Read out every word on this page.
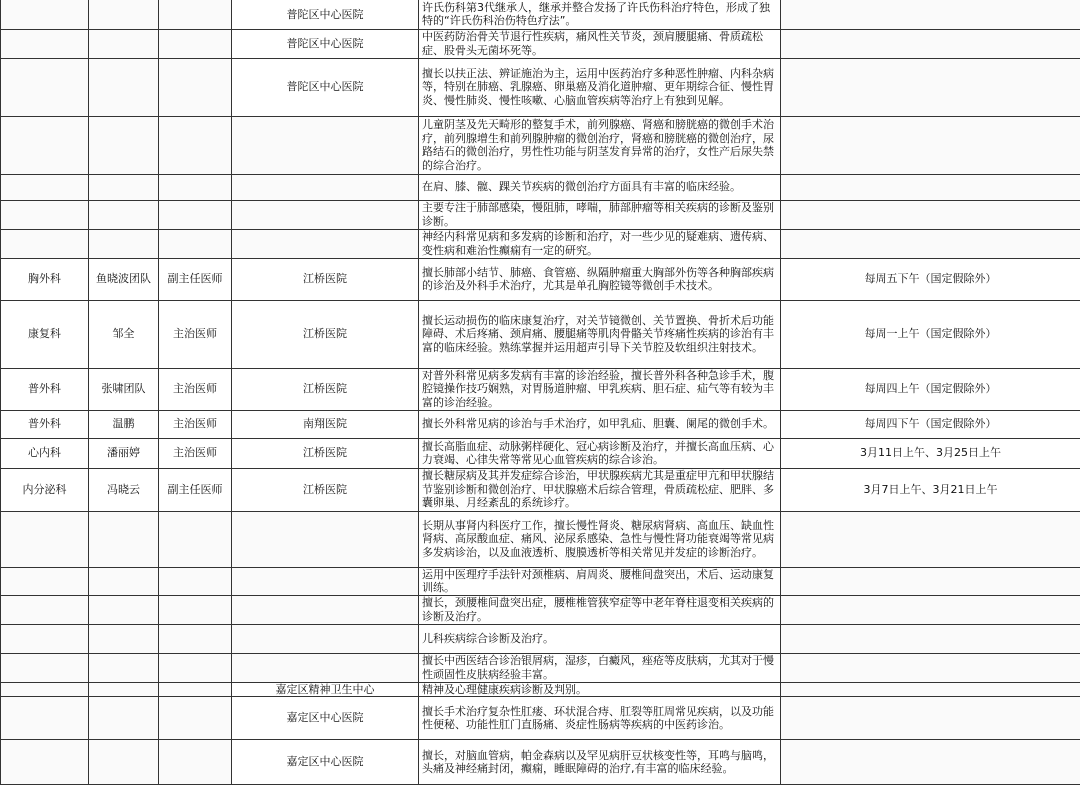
			普陀区中心医院	许氏伤科第3代继承人，继承并整合发扬了许氏伤科治疗特色，形成了独特的“许氏伤科治伤特色疗法”。	
			普陀区中心医院	中医药防治骨关节退行性疾病，痛风性关节炎，颈肩腰腿痛、骨质疏松症、股骨头无菌坏死等。	
			普陀区中心医院	擅长以扶正法、辨证施治为主，运用中医药治疗多种恶性肿瘤、内科杂病等，特别在肺癌、乳腺癌、卵巢癌及消化道肿瘤、更年期综合征、慢性胃炎、慢性肺炎、慢性咳嗽、心脑血管疾病等治疗上有独到见解。	
				儿童阴茎及先天畸形的整复手术，前列腺癌、肾癌和膀胱癌的微创手术治疗，前列腺增生和前列腺肿瘤的微创治疗，肾癌和膀胱癌的微创治疗，尿路结石的微创治疗，男性性功能与阴茎发育异常的治疗，女性产后尿失禁的综合治疗。	
				在肩、膝、髋、踝关节疾病的微创治疗方面具有丰富的临床经验。	
				主要专注于肺部感染，慢阻肺，哮喘，肺部肿瘤等相关疾病的诊断及鉴别诊断。	
				神经内科常见病和多发病的诊断和治疗，对一些少见的疑难病、遗传病、变性病和难治性癫痫有一定的研究。	
胸外科	鱼晓波团队	副主任医师	江桥医院	擅长肺部小结节、肺癌、食管癌、纵隔肿瘤重大胸部外伤等各种胸部疾病的诊治及外科手术治疗，尤其是单孔胸腔镜等微创手术技术。	每周五下午（国定假除外）
康复科	邹全	主治医师	江桥医院	擅长运动损伤的临床康复治疗，对关节镜微创、关节置换、骨折术后功能障碍、术后疼痛、颈肩痛、腰腿痛等肌肉骨骼关节疼痛性疾病的诊治有丰富的临床经验。熟练掌握并运用超声引导下关节腔及软组织注射技术。	每周一上午（国定假除外）
普外科	张啸团队	主治医师	江桥医院	对普外科常见病多发病有丰富的诊治经验，擅长普外科各种急诊手术，腹腔镜操作技巧娴熟，对胃肠道肿瘤、甲乳疾病、胆石症、疝气等有较为丰富的诊治经验。	每周四上午（国定假除外）
普外科	温鹏	主治医师	南翔医院	擅长外科常见病的诊治与手术治疗，如甲乳疝、胆囊、阑尾的微创手术。	每周四下午（国定假除外）
心内科	潘丽婷	主治医师	江桥医院	擅长高脂血症、动脉粥样硬化、冠心病诊断及治疗，并擅长高血压病、心力衰竭、心律失常等常见心血管疾病的综合诊治。	3月11日上午、3月25日上午
内分泌科	冯晓云	副主任医师	江桥医院	擅长糖尿病及其并发症综合诊治，甲状腺疾病尤其是重症甲亢和甲状腺结节鉴别诊断和微创治疗、甲状腺癌术后综合管理，骨质疏松症、肥胖、多囊卵巢、月经紊乱的系统诊疗。	3月7日上午、3月21日上午
				长期从事肾内科医疗工作，擅长慢性肾炎、糖尿病肾病、高血压、缺血性肾病、高尿酸血症、痛风、泌尿系感染、急性与慢性肾功能衰竭等常见病多发病诊治，以及血液透析、腹膜透析等相关常见并发症的诊断治疗。	
				运用中医理疗手法针对颈椎病、肩周炎、腰椎间盘突出，术后、运动康复训练。	
				擅长，颈腰椎间盘突出症，腰椎椎管狭窄症等中老年脊柱退变相关疾病的诊断及治疗。	
				儿科疾病综合诊断及治疗。	
				擅长中西医结合诊治银屑病，湿疹，白癜风，痤疮等皮肤病，尤其对于慢性顽固性皮肤病经验丰富。	
			嘉定区精神卫生中心	精神及心理健康疾病诊断及判别。	
			嘉定区中心医院	擅长手术治疗复杂性肛瘘、环状混合痔、肛裂等肛周常见疾病，以及功能性便秘、功能性肛门直肠痛、炎症性肠病等疾病的中医药诊治。	
			嘉定区中心医院	擅长，对脑血管病，帕金森病以及罕见病肝豆状核变性等，耳鸣与脑鸣，头痛及神经痛封闭，癫痫，睡眠障碍的治疗,有丰富的临床经验。	
